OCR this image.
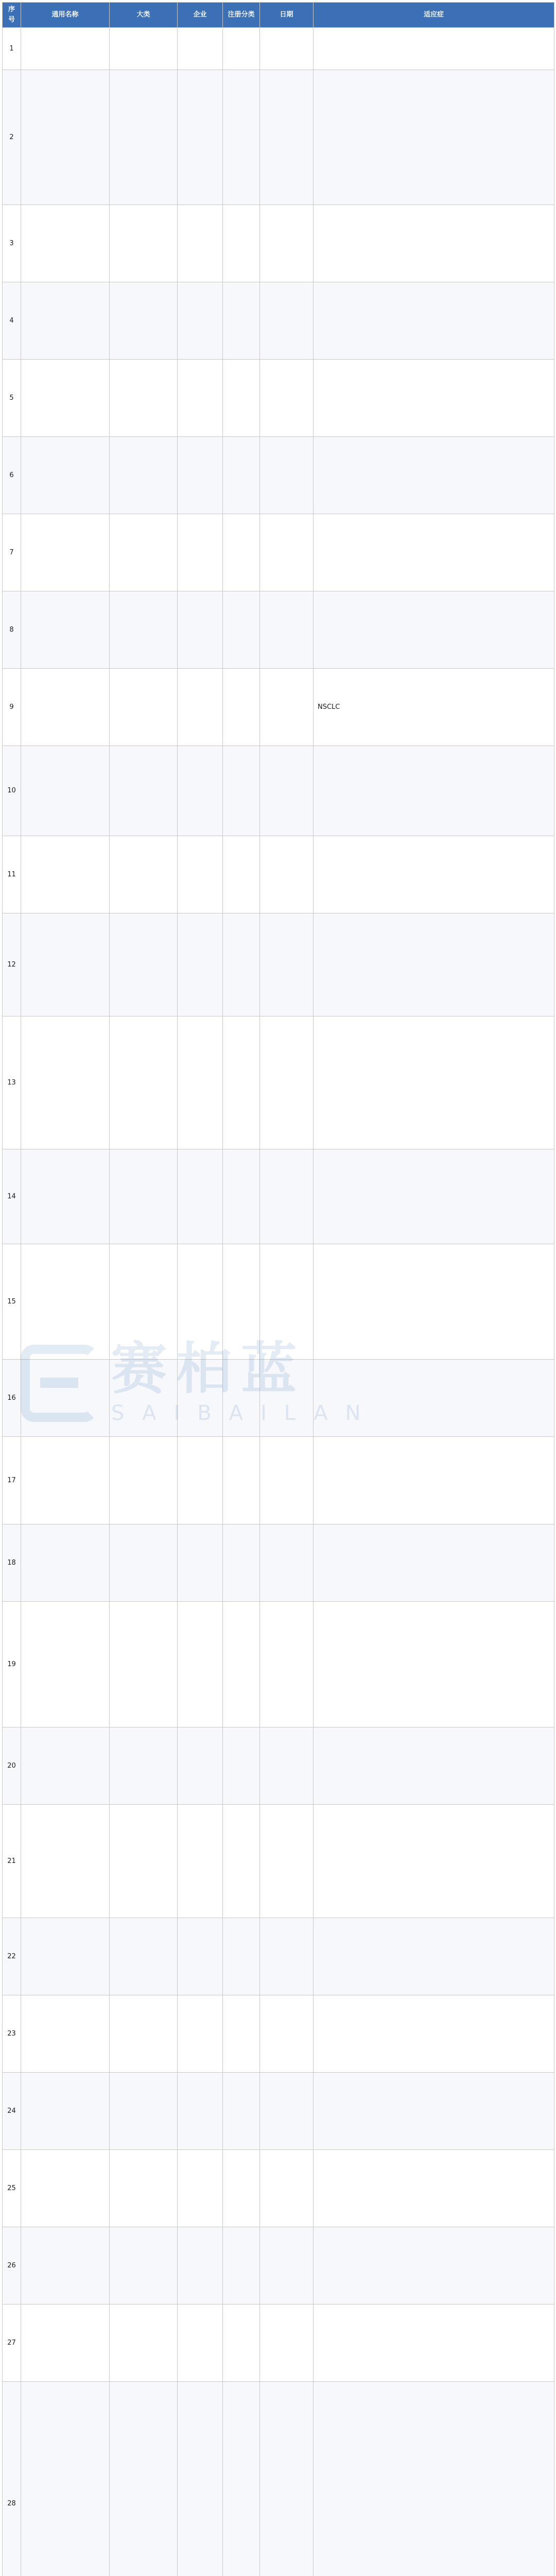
序号	通用名称	大类	企业	注册分类	日期	适应症
1						
2						
3						
4						
5						
6						
7						
8						
9						NSCLC
10						
11						
12						
13						
14						
15						
16						
17						
18						
19						
20						
21						
22						
23						
24						
25						
26						
27						
28						
